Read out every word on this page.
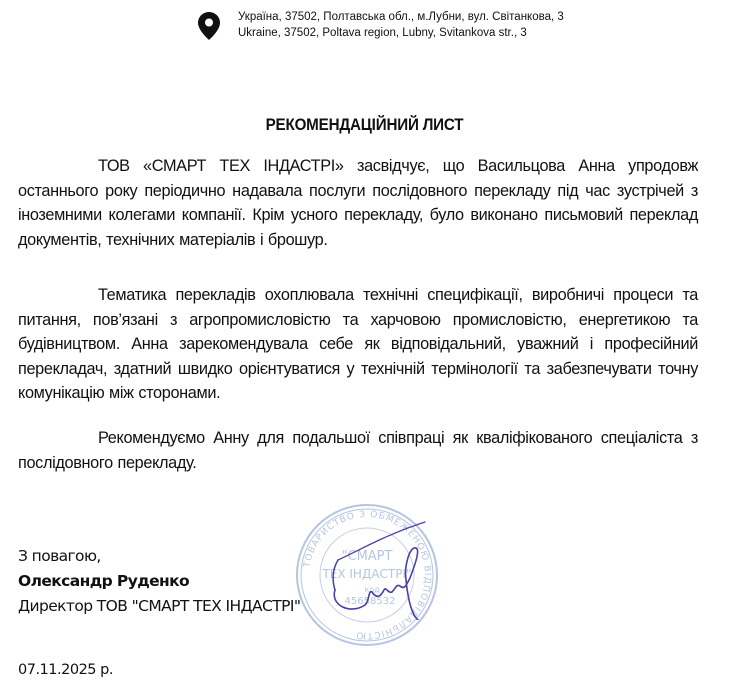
Україна, 37502, Полтавська обл., м.Лубни, вул. Світанкова, 3
Ukraine, 37502, Poltava region, Lubny, Svitankova str., 3
РЕКОМЕНДАЦІЙНИЙ ЛИСТ
ТОВ «СМАРТ ТЕХ ІНДАСТРІ» засвідчує, що Васильцова Анна упродовж останнього року періодично надавала послуги послідовного перекладу під час зустрічей з іноземними колегами компанії. Крім усного перекладу, було виконано письмовий переклад документів, технічних матеріалів і брошур.
Тематика перекладів охоплювала технічні специфікації, виробничі процеси та питання, пов’язані з агропромисловістю та харчовою промисловістю, енергетикою та будівництвом. Анна зарекомендувала себе як відповідальний, уважний і професійний перекладач, здатний швидко орієнтуватися у технічній термінології та забезпечувати точну комунікацію між сторонами.
Рекомендуємо Анну для подальшої співпраці як кваліфікованого спеціаліста з послідовного перекладу.
ТОВАРИСТВО З ОБМЕЖЕНОЮ ВІДПОВІДАЛЬНІСТЮ
"СМАРТ
ТЕХ ІНДАСТРІ"
код
45658532
З повагою,
Олександр Руденко
Директор ТОВ "СМАРТ ТЕХ ІНДАСТРІ"
07.11.2025 р.
